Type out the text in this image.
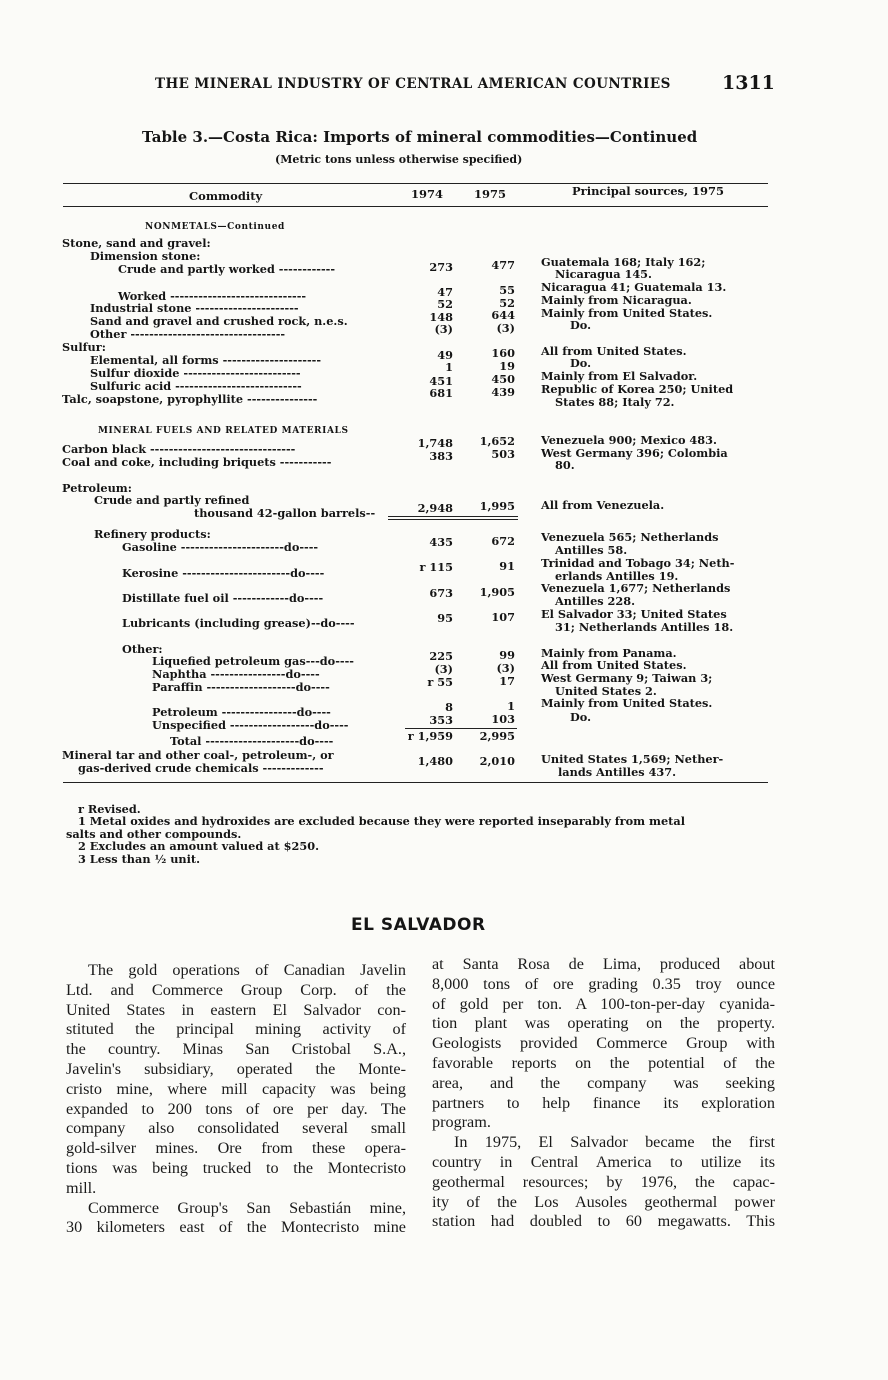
THE MINERAL INDUSTRY OF CENTRAL AMERICAN COUNTRIES	1311
Table 3.—Costa Rica: Imports of mineral commodities—Continued
(Metric tons unless otherwise specified)
Commodity	1974	1975	Principal sources, 1975
NONMETALS—Continued
Stone, sand and gravel:
Dimension stone:
Crude and partly worked ------------	273	477 Guatemala 168; Italy 162;
Nicaragua 145.
Worked -----------------------------	47	55 Nicaragua 41; Guatemala 13.
Industrial stone ----------------------	52	52 Mainly from Nicaragua.
Sand and gravel and crushed rock, n.e.s.	148	644 Mainly from United States.
Other ---------------------------------	(3)	(3)	Do.
Sulfur:
Elemental, all forms ---------------------	49	160 All from United States.
Sulfur dioxide -------------------------	1	19	Do.
Sulfuric acid ---------------------------	451	450 Mainly from El Salvador.
Talc, soapstone, pyrophyllite ---------------	681	439 Republic of Korea 250; United
States 88; Italy 72.
MINERAL FUELS AND RELATED MATERIALS
Carbon black -------------------------------	1,748 1,652 Venezuela 900; Mexico 483.
Coal and coke, including briquets -----------	383	503 West Germany 396; Colombia
80.
Petroleum:
Crude and partly refined
thousand 42-gallon barrels--	2,948 1,995 All from Venezuela.
Refinery products:
Gasoline ----------------------do----	435	672 Venezuela 565; Netherlands
Antilles 58.
Kerosine -----------------------do----	r 115	91 Trinidad and Tobago 34; Neth-
erlands Antilles 19.
Distillate fuel oil ------------do----	673 1,905 Venezuela 1,677; Netherlands
Antilles 228.
Lubricants (including grease)--do----	95	107 El Salvador 33; United States
31; Netherlands Antilles 18.
Other:
Liquefied petroleum gas---do----	225	99 Mainly from Panama.
Naphtha ----------------do----	(3)	(3) All from United States.
Paraffin -------------------do----	r 55	17 West Germany 9; Taiwan 3;
United States 2.
Petroleum ----------------do----	8	1 Mainly from United States.
Unspecified ------------------do----	353	103	Do.
Total --------------------do----	r 1,959 2,995
Mineral tar and other coal-, petroleum-, or
gas-derived crude chemicals -------------	1,480 2,010 United States 1,569; Nether-
lands Antilles 437.
r Revised.
1 Metal oxides and hydroxides are excluded because they were reported inseparably from metal
salts and other compounds.
2 Excludes an amount valued at $250.
3 Less than ½ unit.
EL SALVADOR
The gold operations of Canadian Javelin
Ltd. and Commerce Group Corp. of the
United States in eastern El Salvador con-
stituted the principal mining activity of
the country. Minas San Cristobal S.A.,
Javelin's subsidiary, operated the Monte-
cristo mine, where mill capacity was being
expanded to 200 tons of ore per day. The
company also consolidated several small
gold-silver mines. Ore from these opera-
tions was being trucked to the Montecristo
mill.
Commerce Group's San Sebastián mine,
30 kilometers east of the Montecristo mine
at Santa Rosa de Lima, produced about
8,000 tons of ore grading 0.35 troy ounce
of gold per ton. A 100-ton-per-day cyanida-
tion plant was operating on the property.
Geologists provided Commerce Group with
favorable reports on the potential of the
area, and the company was seeking
partners to help finance its exploration
program.
In 1975, El Salvador became the first
country in Central America to utilize its
geothermal resources; by 1976, the capac-
ity of the Los Ausoles geothermal power
station had doubled to 60 megawatts. This
